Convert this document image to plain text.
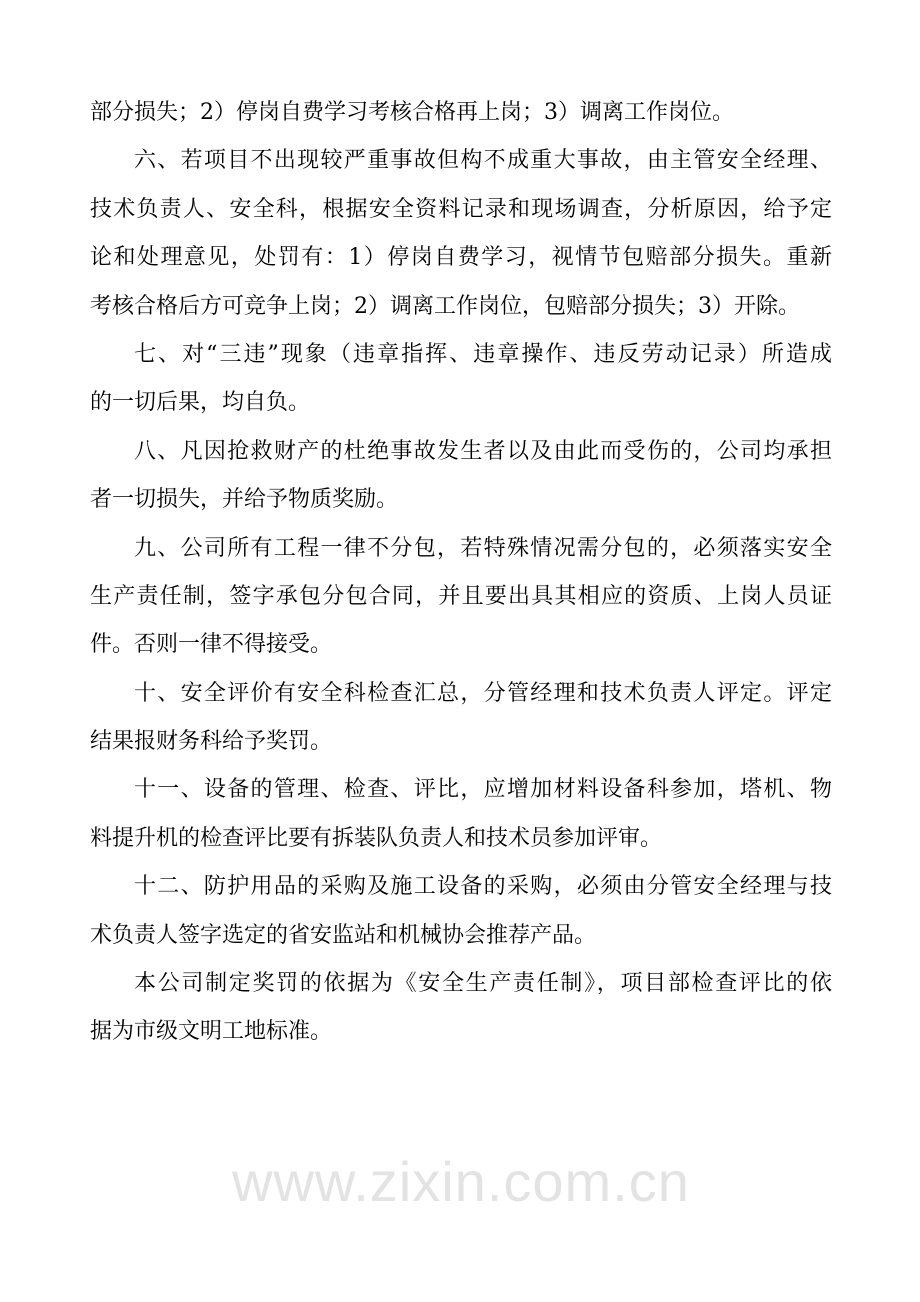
www.zixin.com.cn
部分损失；2）停岗自费学习考核合格再上岗；3）调离工作岗位。
六、若项目不出现较严重事故但构不成重大事故，由主管安全经理、
技术负责人、安全科，根据安全资料记录和现场调查，分析原因，给予定
论和处理意见，处罚有：1）停岗自费学习，视情节包赔部分损失。重新
考核合格后方可竞争上岗；2）调离工作岗位，包赔部分损失；3）开除。
七、对“三违”现象（违章指挥、违章操作、违反劳动记录）所造成
的一切后果，均自负。
八、凡因抢救财产的杜绝事故发生者以及由此而受伤的，公司均承担
者一切损失，并给予物质奖励。
九、公司所有工程一律不分包，若特殊情况需分包的，必须落实安全
生产责任制，签字承包分包合同，并且要出具其相应的资质、上岗人员证
件。否则一律不得接受。
十、安全评价有安全科检查汇总，分管经理和技术负责人评定。评定
结果报财务科给予奖罚。
十一、设备的管理、检查、评比，应增加材料设备科参加，塔机、物
料提升机的检查评比要有拆装队负责人和技术员参加评审。
十二、防护用品的采购及施工设备的采购，必须由分管安全经理与技
术负责人签字选定的省安监站和机械协会推荐产品。
本公司制定奖罚的依据为《安全生产责任制》，项目部检查评比的依
据为市级文明工地标准。
